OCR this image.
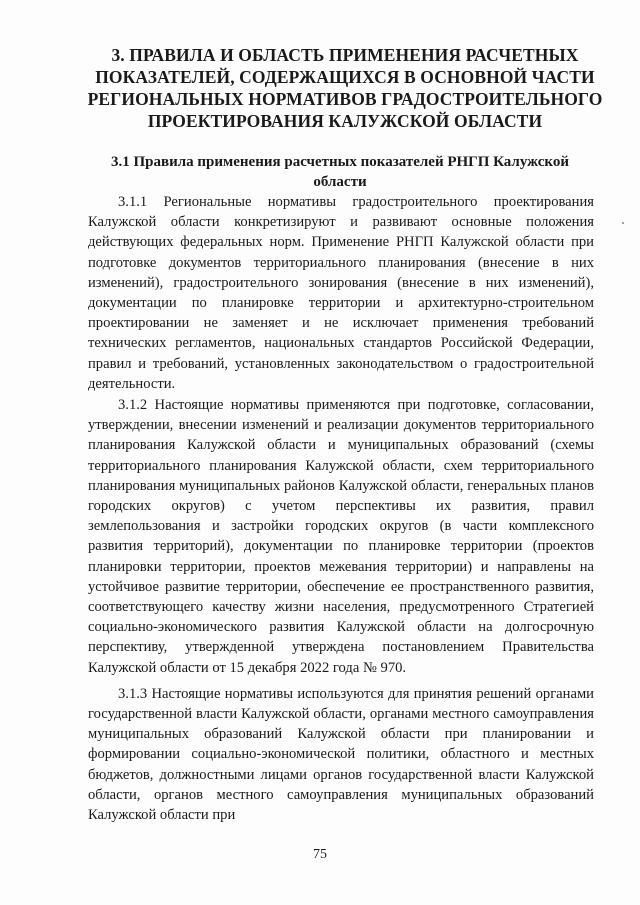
3. ПРАВИЛА И ОБЛАСТЬ ПРИМЕНЕНИЯ РАСЧЕТНЫХ ПОКАЗАТЕЛЕЙ, СОДЕРЖАЩИХСЯ В ОСНОВНОЙ ЧАСТИ РЕГИОНАЛЬНЫХ НОРМАТИВОВ ГРАДОСТРОИТЕЛЬНОГО ПРОЕКТИРОВАНИЯ КАЛУЖСКОЙ ОБЛАСТИ
3.1 Правила применения расчетных показателей РНГП Калужской области

3.1.1 Региональные нормативы градостроительного проектирования Калужской области конкретизируют и развивают основные положения действующих федеральных норм. Применение РНГП Калужской области при подготовке документов территориального планирования (внесение в них изменений), градостроительного зонирования (внесение в них изменений), документации по планировке территории и архитектурно-строительном проектировании не заменяет и не исключает применения требований технических регламентов, национальных стандартов Российской Федерации, правил и требований, установленных законодательством о градостроительной деятельности.

3.1.2 Настоящие нормативы применяются при подготовке, согласовании, утверждении, внесении изменений и реализации документов территориального планирования Калужской области и муниципальных образований (схемы территориального планирования Калужской области, схем территориального планирования муниципальных районов Калужской области, генеральных планов городских округов) с учетом перспективы их развития, правил землепользования и застройки городских округов (в части комплексного развития территорий), документации по планировке территории (проектов планировки территории, проектов межевания территории) и направлены на устойчивое развитие территории, обеспечение ее пространственного развития, соответствующего качеству жизни населения, предусмотренного Стратегией социально-экономического развития Калужской области на долгосрочную перспективу, утвержденной утверждена постановлением Правительства Калужской области от 15 декабря 2022 года № 970.

3.1.3 Настоящие нормативы используются для принятия решений органами государственной власти Калужской области, органами местного самоуправления муниципальных образований Калужской области при планировании и формировании социально-экономической политики, областного и местных бюджетов, должностными лицами органов государственной власти Калужской области, органов местного самоуправления муниципальных образований Калужской области при

75
